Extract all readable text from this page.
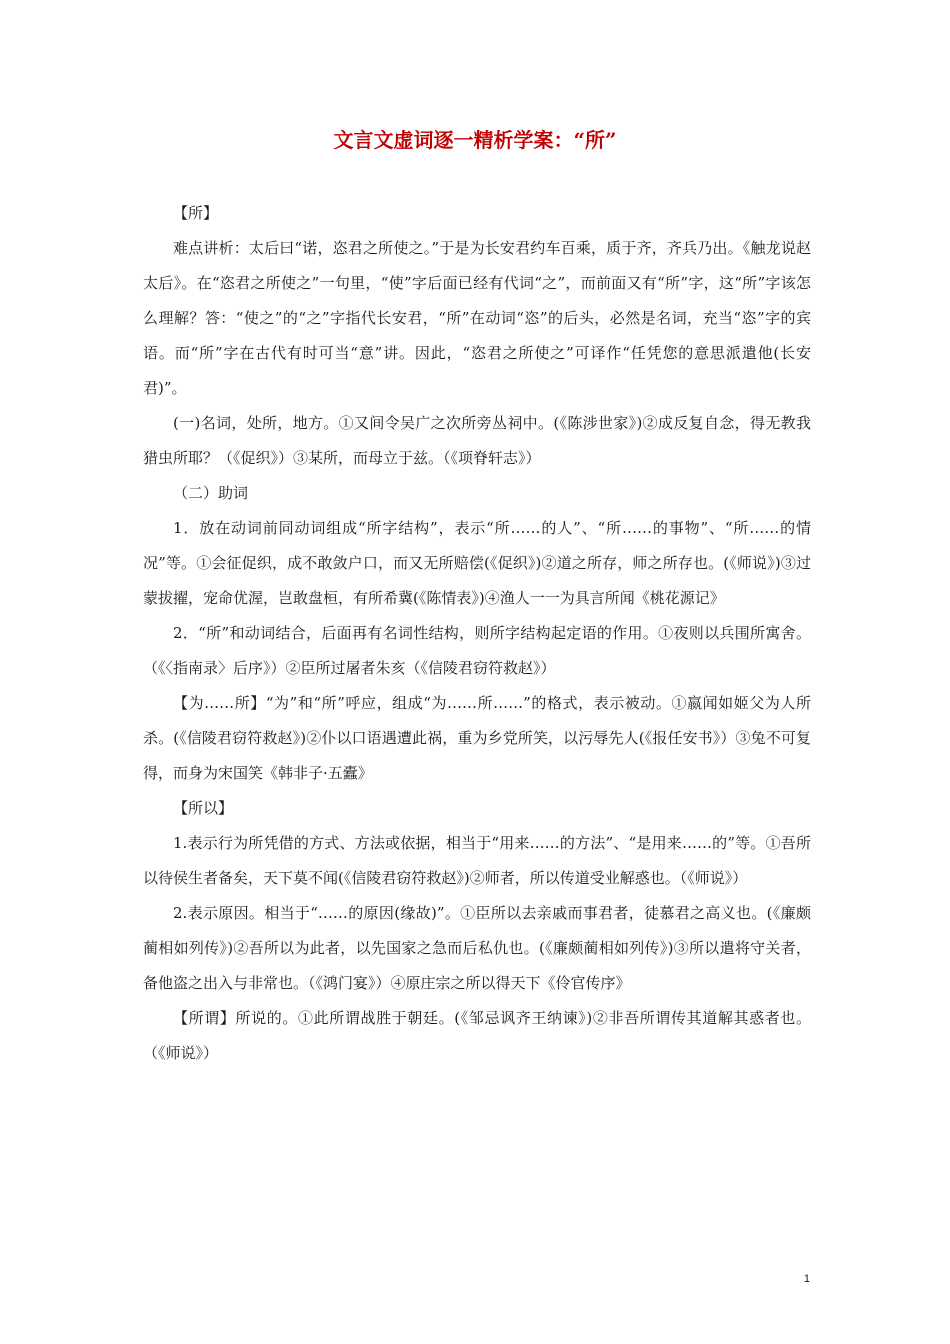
文言文虚词逐一精析学案：“所”

【所】

难点讲析：太后曰“诺，恣君之所使之。”于是为长安君约车百乘，质于齐，齐兵乃出。《触龙说赵太后》。在“恣君之所使之”一句里，“使”字后面已经有代词“之”，而前面又有“所”字，这“所”字该怎么理解？答：“使之”的“之”字指代长安君，“所”在动词“恣”的后头，必然是名词，充当“恣”字的宾语。而“所”字在古代有时可当“意”讲。因此，“恣君之所使之”可译作“任凭您的意思派遣他(长安君)”。

(一)名词，处所，地方。①又间令吴广之次所旁丛祠中。(《陈涉世家》)②成反复自念，得无教我猎虫所耶？（《促织》）③某所，而母立于兹。（《项脊轩志》）

（二）助词

1．放在动词前同动词组成“所字结构”，表示“所……的人”、“所……的事物”、“所……的情况”等。①会征促织，成不敢敛户口，而又无所赔偿(《促织》)②道之所存，师之所存也。(《师说》)③过蒙拔擢，宠命优渥，岂敢盘桓，有所希冀(《陈情表》)④渔人一一为具言所闻《桃花源记》

2．“所”和动词结合，后面再有名词性结构，则所字结构起定语的作用。①夜则以兵围所寓舍。（《〈指南录〉后序》）②臣所过屠者朱亥（《信陵君窃符救赵》）

【为……所】“为”和“所”呼应，组成“为……所……”的格式，表示被动。①嬴闻如姬父为人所杀。(《信陵君窃符救赵》)②仆以口语遇遭此祸，重为乡党所笑，以污辱先人(《报任安书》）③兔不可复得，而身为宋国笑《韩非子·五蠹》

【所以】

1.表示行为所凭借的方式、方法或依据，相当于“用来……的方法”、“是用来……的”等。①吾所以待侯生者备矣，天下莫不闻(《信陵君窃符救赵》)②师者，所以传道受业解惑也。（《师说》）

2.表示原因。相当于“……的原因(缘故)”。①臣所以去亲戚而事君者，徒慕君之高义也。(《廉颇蔺相如列传》)②吾所以为此者，以先国家之急而后私仇也。(《廉颇蔺相如列传》)③所以遣将守关者，备他盗之出入与非常也。（《鸿门宴》）④原庄宗之所以得天下《伶官传序》

【所谓】所说的。①此所谓战胜于朝廷。(《邹忌讽齐王纳谏》)②非吾所谓传其道解其惑者也。（《师说》）

1
